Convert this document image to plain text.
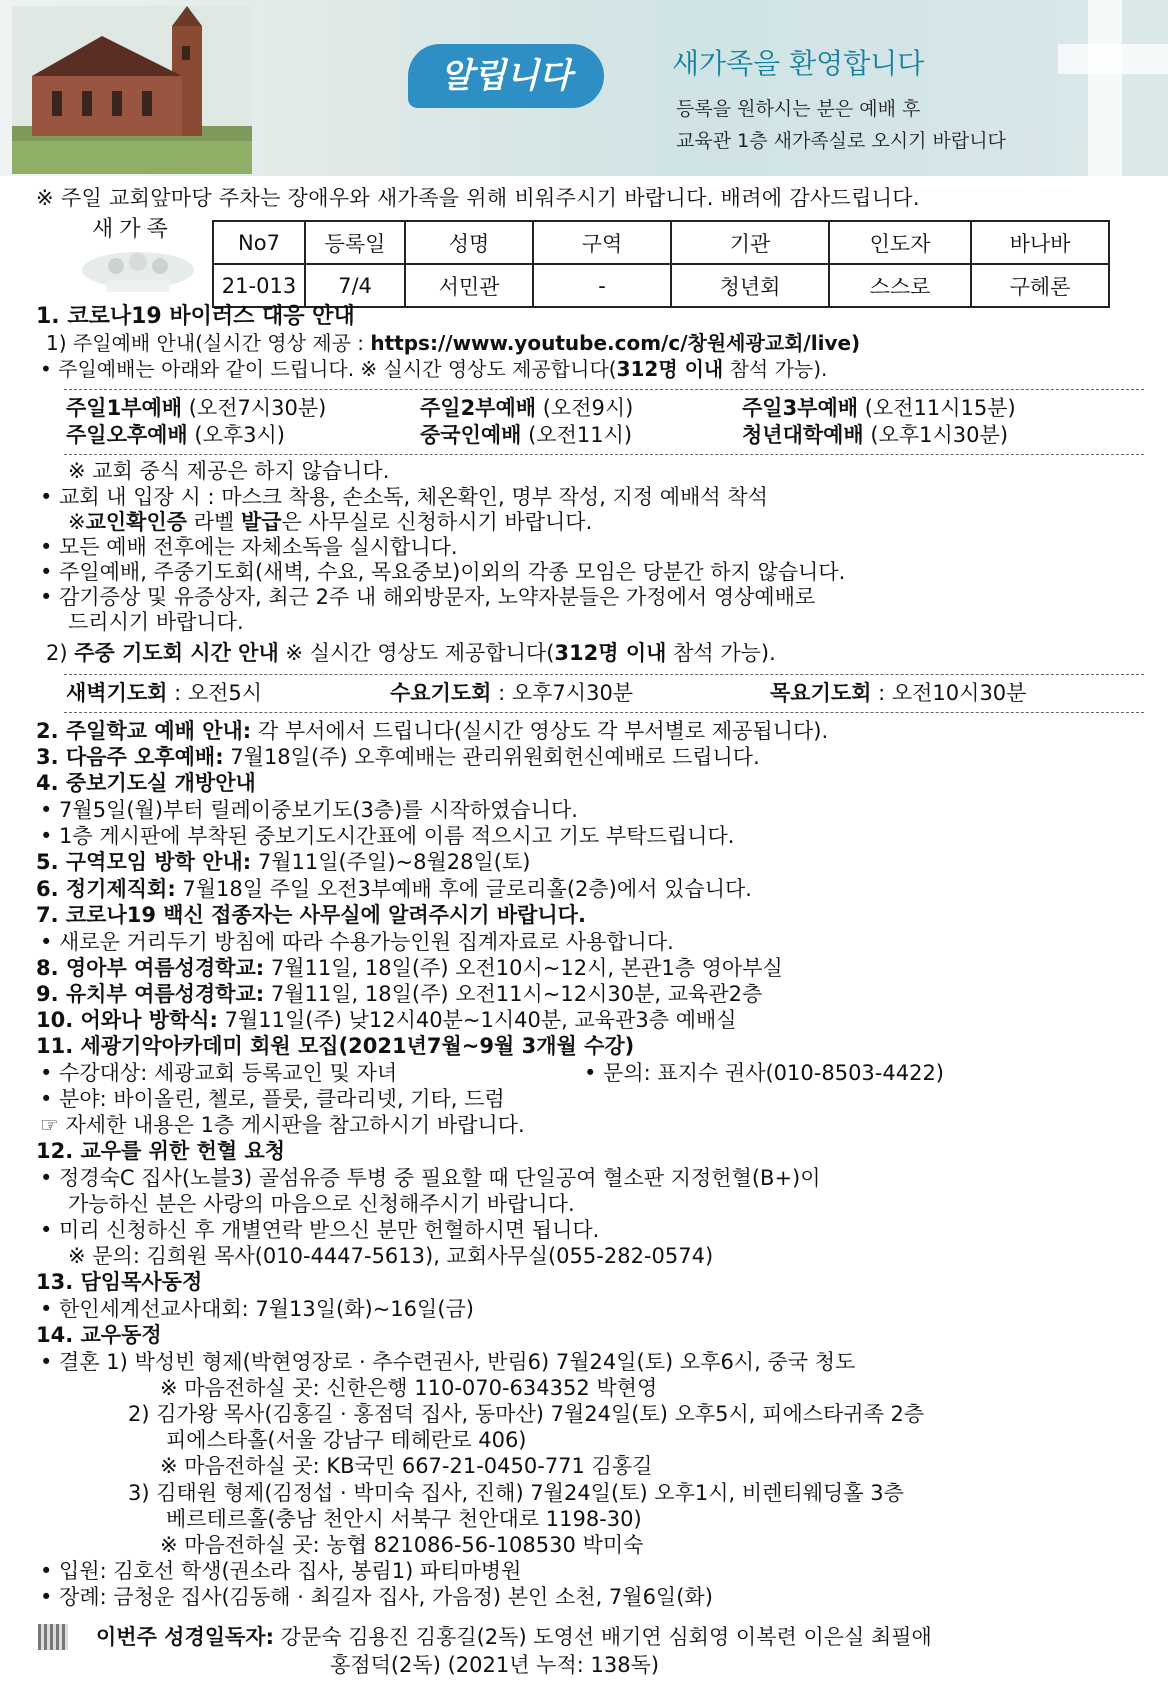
알립니다	새가족을 환영합니다
등록을 원하시는 분은 예배 후
교육관 1층 새가족실로 오시기 바랍니다
※ 주일 교회앞마당 주차는 장애우와 새가족을 위해 비워주시기 바랍니다. 배려에 감사드립니다.
새가족
No7	등록일	성명	구역	기관	인도자	바나바
21-013	7/4	서민관	-	청년회	스스로	구헤론
1. 코로나19 바이러스 대응 안내
1) 주일예배 안내(실시간 영상 제공 : https://www.youtube.com/c/창원세광교회/live)
• 주일예배는 아래와 같이 드립니다. ※ 실시간 영상도 제공합니다(312명 이내 참석 가능).
주일1부예배 (오전7시30분)	주일2부예배 (오전9시)	주일3부예배 (오전11시15분)
주일오후예배 (오후3시)	중국인예배 (오전11시)	청년대학예배 (오후1시30분)
※ 교회 중식 제공은 하지 않습니다.
• 교회 내 입장 시 : 마스크 착용, 손소독, 체온확인, 명부 작성, 지정 예배석 착석
※교인확인증 라벨 발급은 사무실로 신청하시기 바랍니다.
• 모든 예배 전후에는 자체소독을 실시합니다.
• 주일예배, 주중기도회(새벽, 수요, 목요중보)이외의 각종 모임은 당분간 하지 않습니다.
• 감기증상 및 유증상자, 최근 2주 내 해외방문자, 노약자분들은 가정에서 영상예배로
드리시기 바랍니다.
2) 주중 기도회 시간 안내 ※ 실시간 영상도 제공합니다(312명 이내 참석 가능).
새벽기도회 : 오전5시	수요기도회 : 오후7시30분	목요기도회 : 오전10시30분
2. 주일학교 예배 안내: 각 부서에서 드립니다(실시간 영상도 각 부서별로 제공됩니다).
3. 다음주 오후예배: 7월18일(주) 오후예배는 관리위원회헌신예배로 드립니다.
4. 중보기도실 개방안내
• 7월5일(월)부터 릴레이중보기도(3층)를 시작하였습니다.
• 1층 게시판에 부착된 중보기도시간표에 이름 적으시고 기도 부탁드립니다.
5. 구역모임 방학 안내: 7월11일(주일)~8월28일(토)
6. 정기제직회: 7월18일 주일 오전3부예배 후에 글로리홀(2층)에서 있습니다.
7. 코로나19 백신 접종자는 사무실에 알려주시기 바랍니다.
• 새로운 거리두기 방침에 따라 수용가능인원 집계자료로 사용합니다.
8. 영아부 여름성경학교: 7월11일, 18일(주) 오전10시~12시, 본관1층 영아부실
9. 유치부 여름성경학교: 7월11일, 18일(주) 오전11시~12시30분, 교육관2층
10. 어와나 방학식: 7월11일(주) 낮12시40분~1시40분, 교육관3층 예배실
11. 세광기악아카데미 회원 모집(2021년7월~9월 3개월 수강)
• 수강대상: 세광교회 등록교인 및 자녀	• 문의: 표지수 권사(010-8503-4422)
• 분야: 바이올린, 첼로, 플룻, 클라리넷, 기타, 드럼
☞ 자세한 내용은 1층 게시판을 참고하시기 바랍니다.
12. 교우를 위한 헌혈 요청
• 정경숙C 집사(노블3) 골섬유증 투병 중 필요할 때 단일공여 혈소판 지정헌혈(B+)이
가능하신 분은 사랑의 마음으로 신청해주시기 바랍니다.
• 미리 신청하신 후 개별연락 받으신 분만 헌혈하시면 됩니다.
※ 문의: 김희원 목사(010-4447-5613), 교회사무실(055-282-0574)
13. 담임목사동정
• 한인세계선교사대회: 7월13일(화)~16일(금)
14. 교우동정
• 결혼 1) 박성빈 형제(박현영장로 · 추수련권사, 반림6) 7월24일(토) 오후6시, 중국 청도
※ 마음전하실 곳: 신한은행 110-070-634352 박현영
2) 김가왕 목사(김홍길 · 홍점덕 집사, 동마산) 7월24일(토) 오후5시, 피에스타귀족 2층
피에스타홀(서울 강남구 테헤란로 406)
※ 마음전하실 곳: KB국민 667-21-0450-771 김홍길
3) 김태원 형제(김정섭 · 박미숙 집사, 진해) 7월24일(토) 오후1시, 비렌티웨딩홀 3층
베르테르홀(충남 천안시 서북구 천안대로 1198-30)
※ 마음전하실 곳: 농협 821086-56-108530 박미숙
• 입원: 김호선 학생(권소라 집사, 봉림1) 파티마병원
• 장례: 금청운 집사(김동해 · 최길자 집사, 가음정) 본인 소천, 7월6일(화)
이번주 성경일독자: 강문숙 김용진 김홍길(2독) 도영선 배기연 심회영 이복련 이은실 최필애
홍점덕(2독) (2021년 누적: 138독)
